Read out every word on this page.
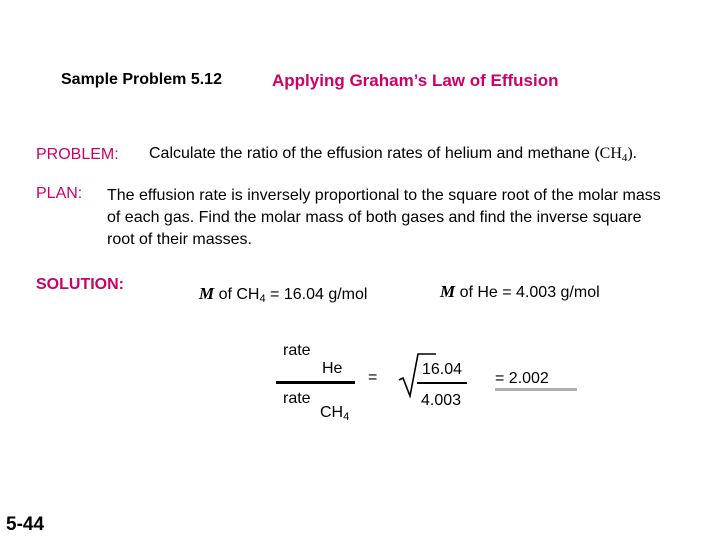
Sample Problem 5.12	Applying Graham’s Law of Effusion
PROBLEM: Calculate the ratio of the effusion rates of helium and methane $(CH_4)$.
PLAN: The effusion rate is inversely proportional to the square root of the molar mass of each gas. Find the molar mass of both gases and find the inverse square root of their masses.
SOLUTION:	M of $CH_4 = 16.04$ g/mol	M of He = 4.003 g/mol
rate
He
rate
$CH_4$
=	16.04
4.003
= 2.002
5-44
